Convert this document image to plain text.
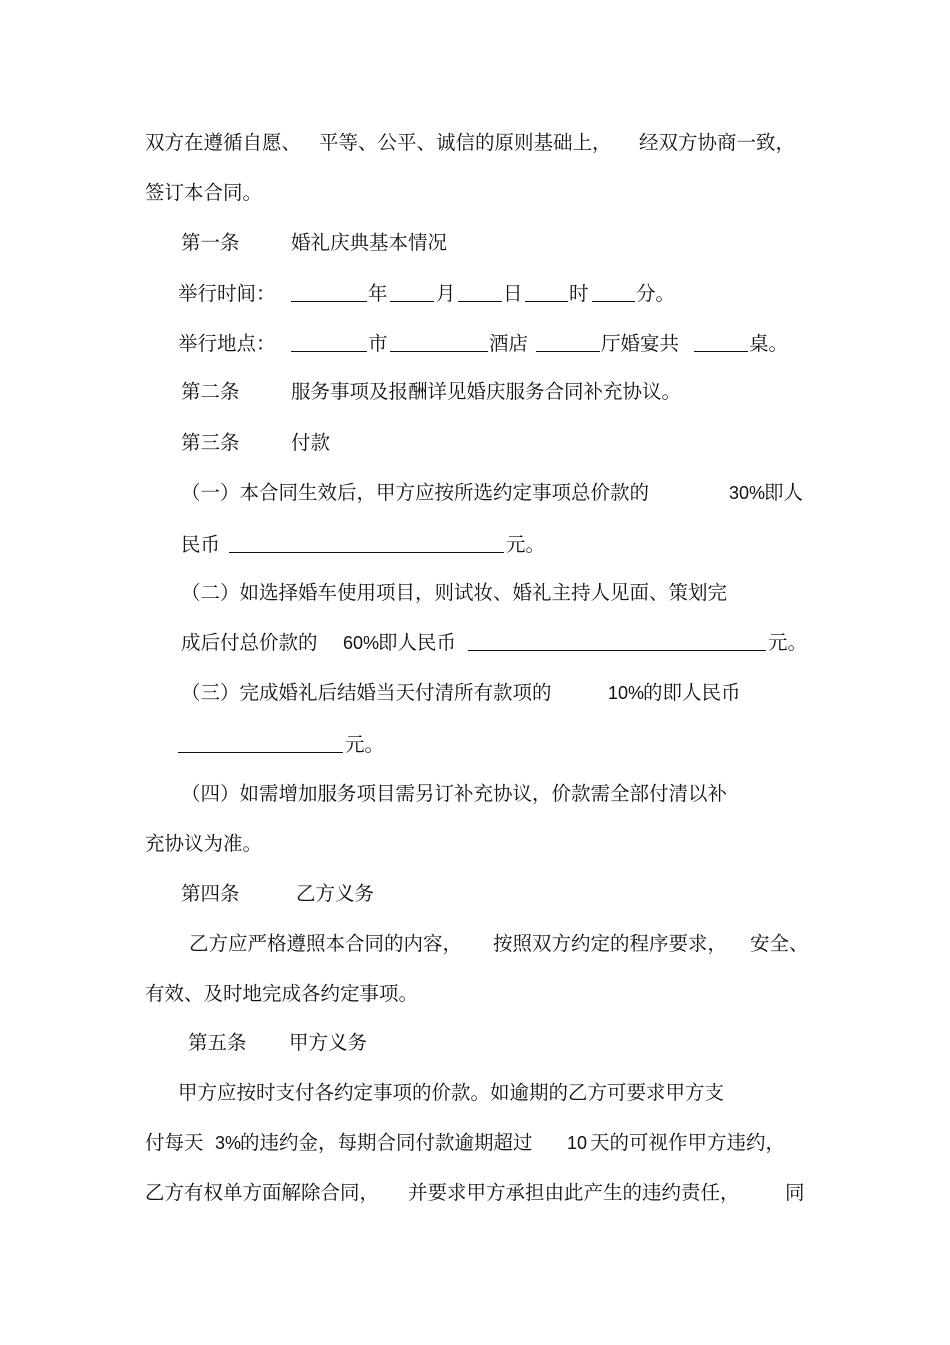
双方在遵循自愿、 平等、公平、诚信的原则基础上， 经双方协商一致，
签订本合同。
第一条	婚礼庆典基本情况
举行时间：	年 月 日 时 分。
举行地点：	市	酒店	厅婚宴共	桌。
第二条	服务事项及报酬详见婚庆服务合同补充协议。
第三条	付款
（一）本合同生效后，甲方应按所选约定事项总价款的	30%
即人
民币	元。
（二）如选择婚车使用项目，则试妆、婚礼主持人见面、策划完
成后付总价款的 60%
即人民币	元。
（三）完成婚礼后结婚当天付清所有款项的	10%
的即人民币
元。
（四）如需增加服务项目需另订补充协议，价款需全部付清以补
充协议为准。
第四条	乙方义务
乙方应严格遵照本合同的内容， 按照双方约定的程序要求， 安全、
有效、及时地完成各约定事项。
第五条 甲方义务
甲方应按时支付各约定事项的价款。如逾期的乙方可要求甲方支
付每天 3%
的违约金，每期合同付款逾期超过 10 天的可视作甲方违约，
乙方有权单方面解除合同， 并要求甲方承担由此产生的违约责任， 同
